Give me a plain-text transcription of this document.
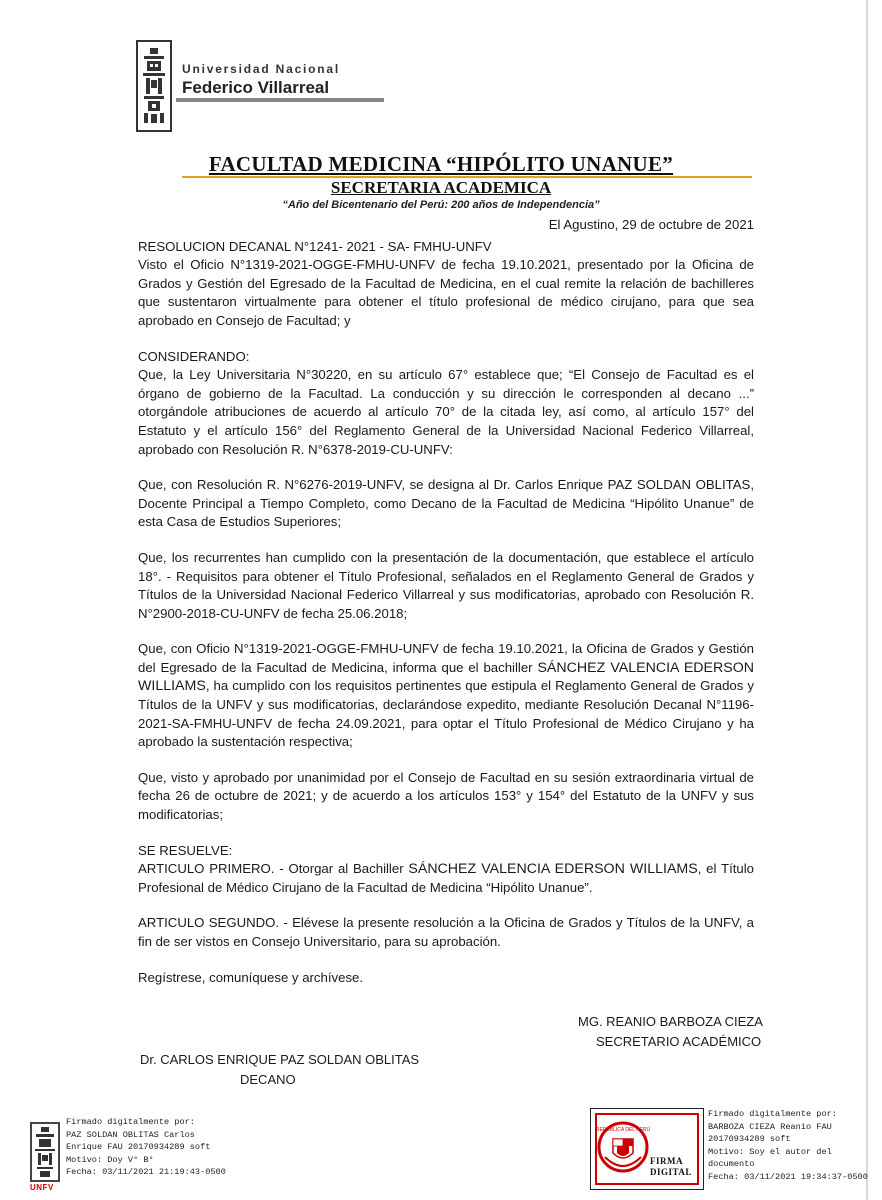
Universidad Nacional
Federico Villarreal
FACULTAD MEDICINA “HIPÓLITO UNANUE”
SECRETARIA ACADEMICA
“Año del Bicentenario del Perú: 200 años de Independencia”
El Agustino, 29 de octubre de 2021

RESOLUCION DECANAL N°1241- 2021 - SA- FMHU-UNFV

Visto el Oficio N°1319-2021-OGGE-FMHU-UNFV de fecha 19.10.2021, presentado por la Oficina de Grados y Gestión del Egresado de la Facultad de Medicina, en el cual remite la relación de bachilleres que sustentaron virtualmente para obtener el título profesional de médico cirujano, para que sea aprobado en Consejo de Facultad; y

CONSIDERANDO:

Que, la Ley Universitaria N°30220, en su artículo 67° establece que; “El Consejo de Facultad es el órgano de gobierno de la Facultad. La conducción y su dirección le corresponden al decano ...” otorgándole atribuciones de acuerdo al artículo 70° de la citada ley, así como, al artículo 157° del Estatuto y el artículo 156° del Reglamento General de la Universidad Nacional Federico Villarreal, aprobado con Resolución R. N°6378-2019-CU-UNFV:

Que, con Resolución R. N°6276-2019-UNFV, se designa al Dr. Carlos Enrique PAZ SOLDAN OBLITAS, Docente Principal a Tiempo Completo, como Decano de la Facultad de Medicina “Hipólito Unanue” de esta Casa de Estudios Superiores;

Que, los recurrentes han cumplido con la presentación de la documentación, que establece el artículo 18°. - Requisitos para obtener el Título Profesional, señalados en el Reglamento General de Grados y Títulos de la Universidad Nacional Federico Villarreal y sus modificatorias, aprobado con Resolución R. N°2900-2018-CU-UNFV de fecha 25.06.2018;

Que, con Oficio N°1319-2021-OGGE-FMHU-UNFV de fecha 19.10.2021, la Oficina de Grados y Gestión del Egresado de la Facultad de Medicina, informa que el bachiller SÁNCHEZ VALENCIA EDERSON WILLIAMS, ha cumplido con los requisitos pertinentes que estipula el Reglamento General de Grados y Títulos de la UNFV y sus modificatorias, declarándose expedito, mediante Resolución Decanal N°1196-2021-SA-FMHU-UNFV de fecha 24.09.2021, para optar el Título Profesional de Médico Cirujano y ha aprobado la sustentación respectiva;

Que, visto y aprobado por unanimidad por el Consejo de Facultad en su sesión extraordinaria virtual de fecha 26 de octubre de 2021; y de acuerdo a los artículos 153° y 154° del Estatuto de la UNFV y sus modificatorias;

SE RESUELVE:

ARTICULO PRIMERO. - Otorgar al Bachiller SÁNCHEZ VALENCIA EDERSON WILLIAMS, el Título Profesional de Médico Cirujano de la Facultad de Medicina “Hipólito Unanue”.

ARTICULO SEGUNDO. - Elévese la presente resolución a la Oficina de Grados y Títulos de la UNFV, a fin de ser vistos en Consejo Universitario, para su aprobación.

Regístrese, comuníquese y archívese.

MG. REANIO BARBOZA CIEZA
SECRETARIO ACADÉMICO
Dr. CARLOS ENRIQUE PAZ SOLDAN OBLITAS
DECANO
UNFV
Firmado digitalmente por:
PAZ SOLDAN OBLITAS Carlos
Enrique FAU 20170934289 soft
Motivo: Doy V° B°
Fecha: 03/11/2021 21:19:43-0500
REPÚBLICA DEL PERÚ
FIRMA
DIGITAL
Firmado digitalmente por:
BARBOZA CIEZA Reanio FAU
20170934289 soft
Motivo: Soy el autor del
documento
Fecha: 03/11/2021 19:34:37-0500
